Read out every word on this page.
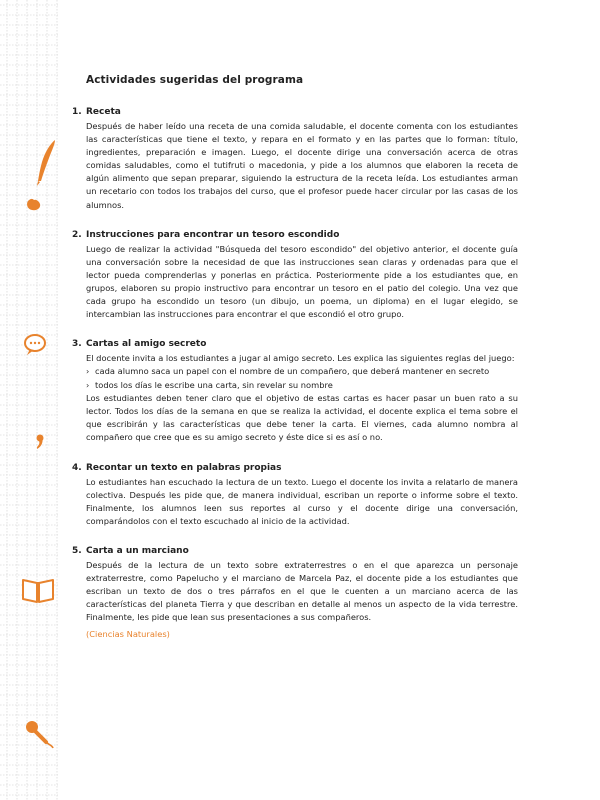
Actividades sugeridas del programa
1. Receta

Después de haber leído una receta de una comida saludable, el docente comenta con los estudiantes las características que tiene el texto, y repara en el formato y en las partes que lo forman: título, ingredientes, preparación e imagen. Luego, el docente dirige una conversación acerca de otras comidas saludables, como el tutifruti o macedonia, y pide a los alumnos que elaboren la receta de algún alimento que sepan preparar, siguiendo la estructura de la receta leída. Los estudiantes arman un recetario con todos los trabajos del curso, que el profesor puede hacer circular por las casas de los alumnos.

2. Instrucciones para encontrar un tesoro escondido

Luego de realizar la actividad "Búsqueda del tesoro escondido" del objetivo anterior, el docente guía una conversación sobre la necesidad de que las instrucciones sean claras y ordenadas para que el lector pueda comprenderlas y ponerlas en práctica. Posteriormente pide a los estudiantes que, en grupos, elaboren su propio instructivo para encontrar un tesoro en el patio del colegio. Una vez que cada grupo ha escondido un tesoro (un dibujo, un poema, un diploma) en el lugar elegido, se intercambian las instrucciones para encontrar el que escondió el otro grupo.

3. Cartas al amigo secreto

El docente invita a los estudiantes a jugar al amigo secreto. Les explica las siguientes reglas del juego:

› cada alumno saca un papel con el nombre de un compañero, que deberá mantener en secreto
› todos los días le escribe una carta, sin revelar su nombre

Los estudiantes deben tener claro que el objetivo de estas cartas es hacer pasar un buen rato a su lector. Todos los días de la semana en que se realiza la actividad, el docente explica el tema sobre el que escribirán y las características que debe tener la carta. El viernes, cada alumno nombra al compañero que cree que es su amigo secreto y éste dice si es así o no.

4. Recontar un texto en palabras propias

Lo estudiantes han escuchado la lectura de un texto. Luego el docente los invita a relatarlo de manera colectiva. Después les pide que, de manera individual, escriban un reporte o informe sobre el texto. Finalmente, los alumnos leen sus reportes al curso y el docente dirige una conversación, comparándolos con el texto escuchado al inicio de la actividad.

5. Carta a un marciano

Después de la lectura de un texto sobre extraterrestres o en el que aparezca un personaje extraterrestre, como Papelucho y el marciano de Marcela Paz, el docente pide a los estudiantes que escriban un texto de dos o tres párrafos en el que le cuenten a un marciano acerca de las características del planeta Tierra y que describan en detalle al menos un aspecto de la vida terrestre. Finalmente, les pide que lean sus presentaciones a sus compañeros.

(Ciencias Naturales)
